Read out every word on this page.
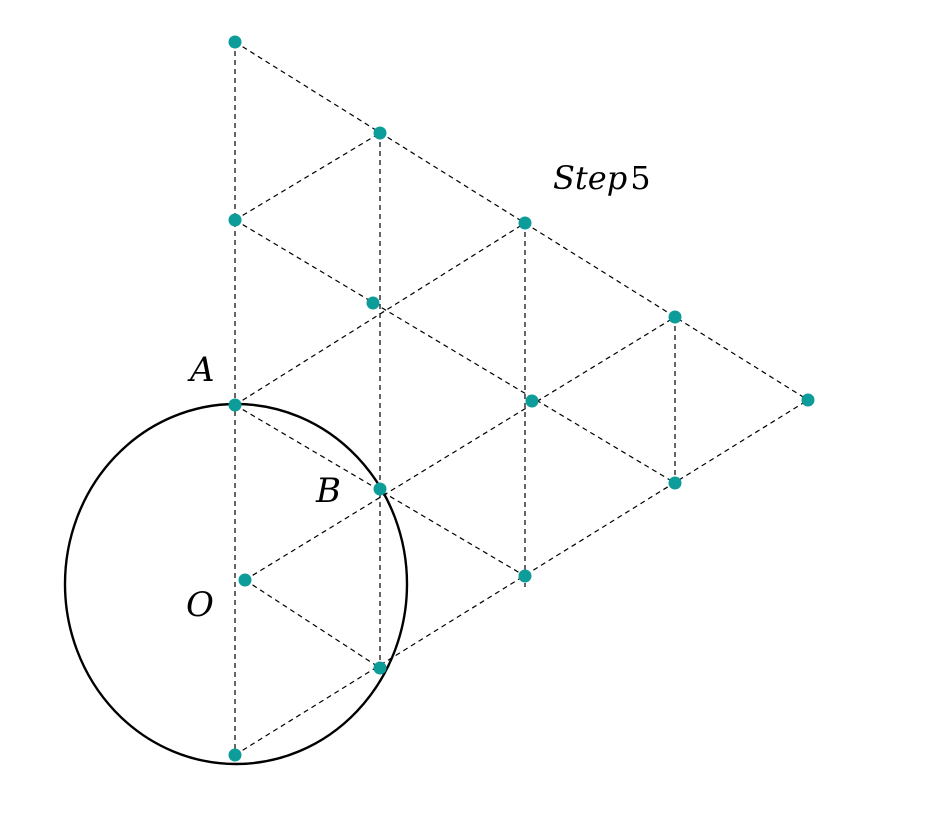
A
B
O
Step5
